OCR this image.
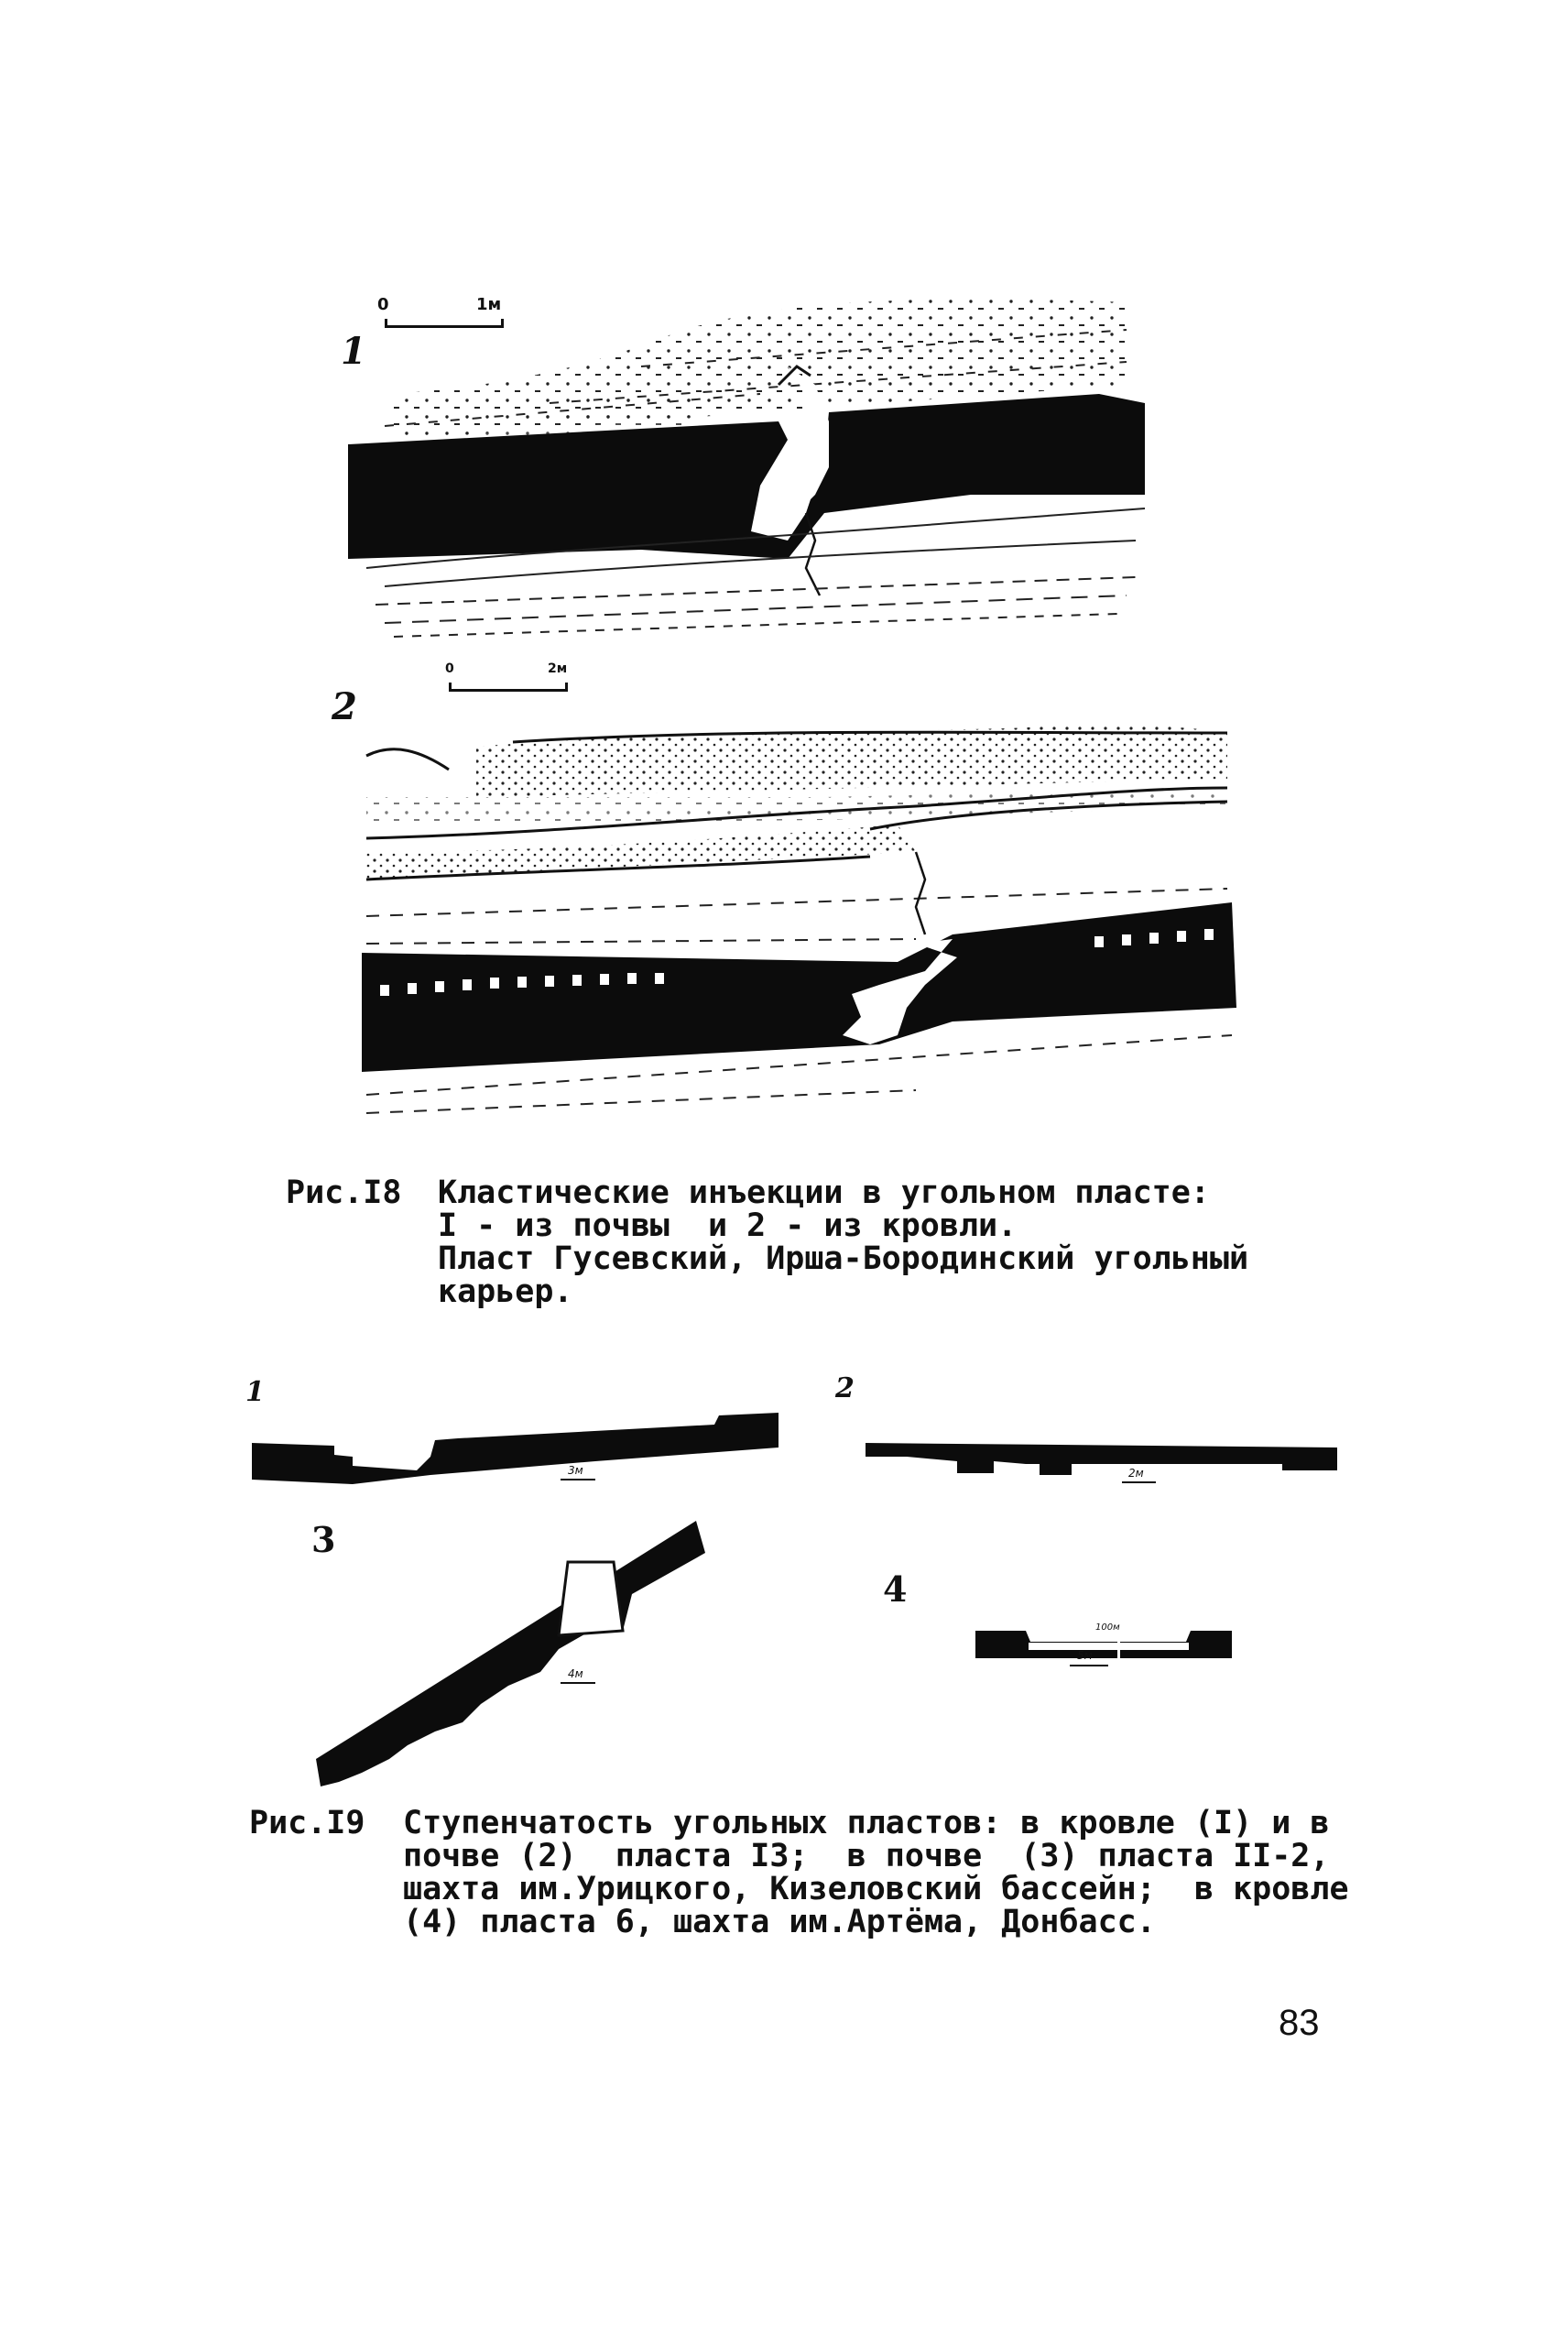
1
0	1м
2
0	2м
Рис.I8 Кластические инъекции в угольном пласте:
I - из почвы  и 2 - из кровли.
Пласт Гусевский, Ирша-Бородинский угольный
карьер.
1	2
3
4
3м	2м
4м
100м
5м
Рис.I9 Ступенчатость угольных пластов: в кровле (I) и в
почве (2)  пласта I3;  в почве  (3) пласта II-2,
шахта им.Урицкого, Кизеловский бассейн;  в кровле
(4) пласта 6, шахта им.Артёма, Донбасс.
83
